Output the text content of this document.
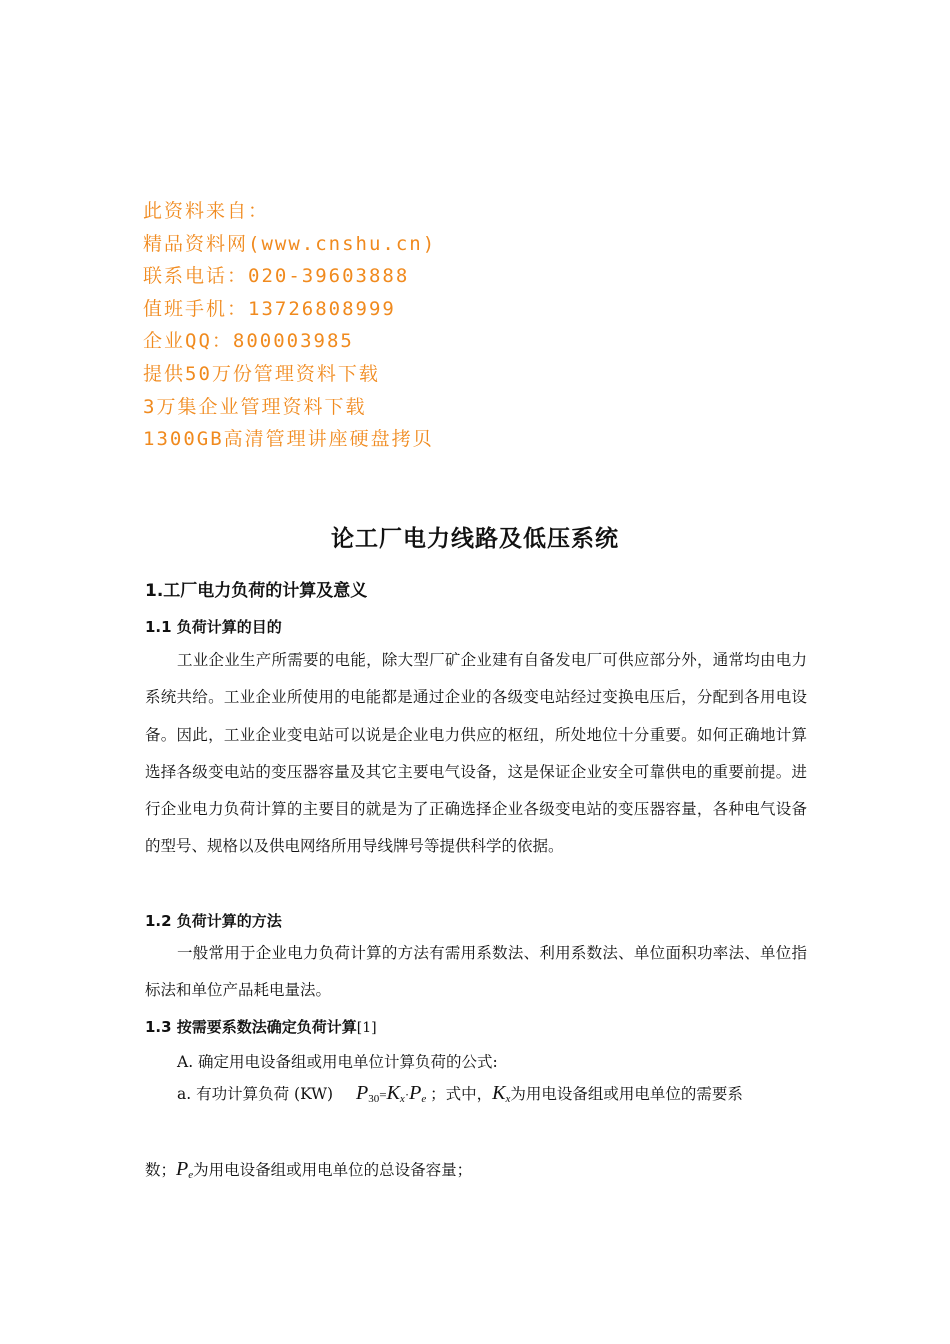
此资料来自：
精品资料网(www.cnshu.cn)
联系电话：020-39603888
值班手机：13726808999
企业QQ：800003985
提供50万份管理资料下载
3万集企业管理资料下载
1300GB高清管理讲座硬盘拷贝
论工厂电力线路及低压系统
1.工厂电力负荷的计算及意义
1.1 负荷计算的目的
工业企业生产所需要的电能，除大型厂矿企业建有自备发电厂可供应部分外，通常均由电力系统共给。工业企业所使用的电能都是通过企业的各级变电站经过变换电压后，分配到各用电设备。因此，工业企业变电站可以说是企业电力供应的枢纽，所处地位十分重要。如何正确地计算选择各级变电站的变压器容量及其它主要电气设备，这是保证企业安全可靠供电的重要前提。进行企业电力负荷计算的主要目的就是为了正确选择企业各级变电站的变压器容量，各种电气设备的型号、规格以及供电网络所用导线牌号等提供科学的依据。
1.2 负荷计算的方法
一般常用于企业电力负荷计算的方法有需用系数法、利用系数法、单位面积功率法、单位指标法和单位产品耗电量法。
1.3 按需要系数法确定负荷计算[1]
A. 确定用电设备组或用电单位计算负荷的公式:
a. 有功计算负荷 (KW) $P_{30}=K_x\cdot P_e$ ；式中，$K_x$为用电设备组或用电单位的需要系
数；$P_e$为用电设备组或用电单位的总设备容量；
